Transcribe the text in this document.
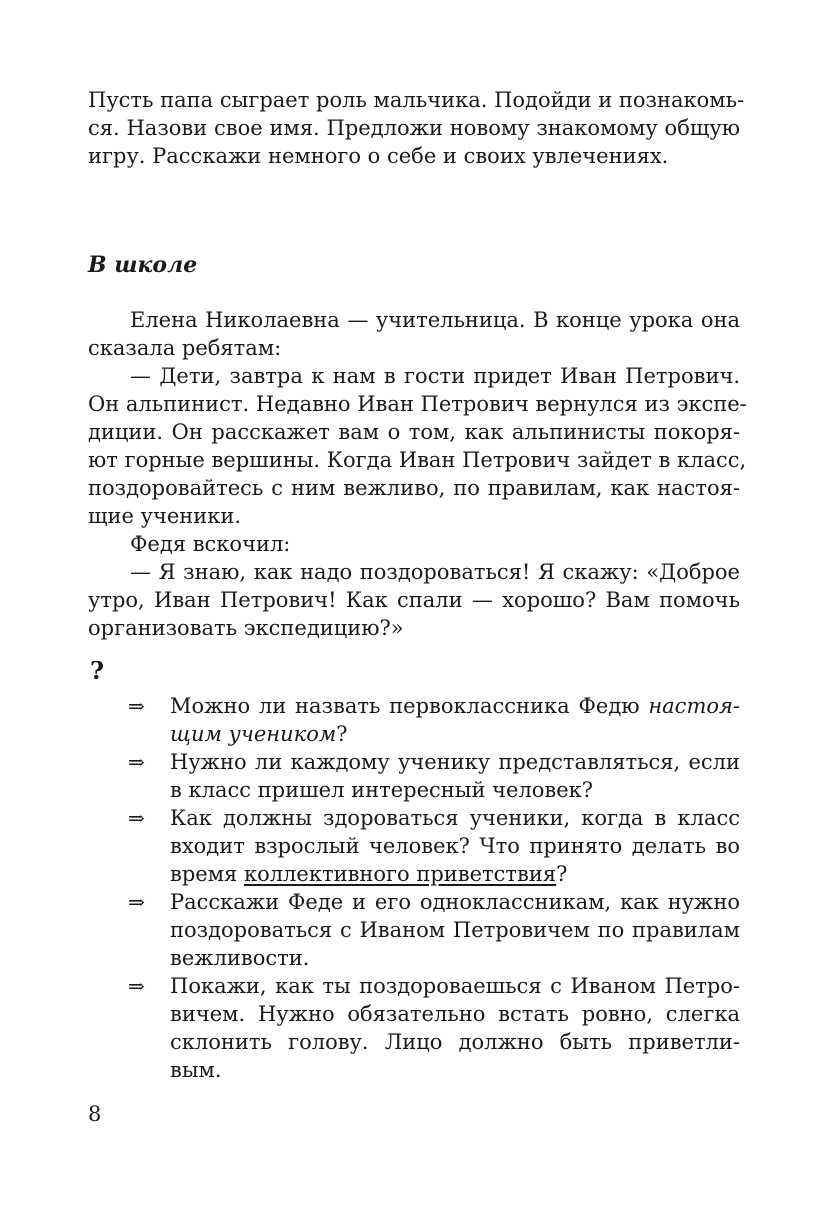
Пусть папа сыграет роль мальчика. Подойди и познакомь-
ся. Назови свое имя. Предложи новому знакомому общую
игру. Расскажи немного о себе и своих увлечениях.
В школе
Елена Николаевна — учительница. В конце урока она
сказала ребятам:
— Дети, завтра к нам в гости придет Иван Петрович.
Он альпинист. Недавно Иван Петрович вернулся из экспе-
диции. Он расскажет вам о том, как альпинисты покоря-
ют горные вершины. Когда Иван Петрович зайдет в класс,
поздоровайтесь с ним вежливо, по правилам, как настоя-
щие ученики.
Федя вскочил:
— Я знаю, как надо поздороваться! Я скажу: «Доброе
утро, Иван Петрович! Как спали — хорошо? Вам помочь
организовать экспедицию?»
?
⇒	Можно ли назвать первоклассника Федю настоя-
щим учеником?
⇒	Нужно ли каждому ученику представляться, если
в класс пришел интересный человек?
⇒	Как должны здороваться ученики, когда в класс
входит взрослый человек? Что принято делать во
время коллективного приветствия?
⇒	Расскажи Феде и его одноклассникам, как нужно
поздороваться с Иваном Петровичем по правилам
вежливости.
⇒	Покажи, как ты поздороваешься с Иваном Петро-
вичем. Нужно обязательно встать ровно, слегка
склонить голову. Лицо должно быть приветли-
вым.
8
